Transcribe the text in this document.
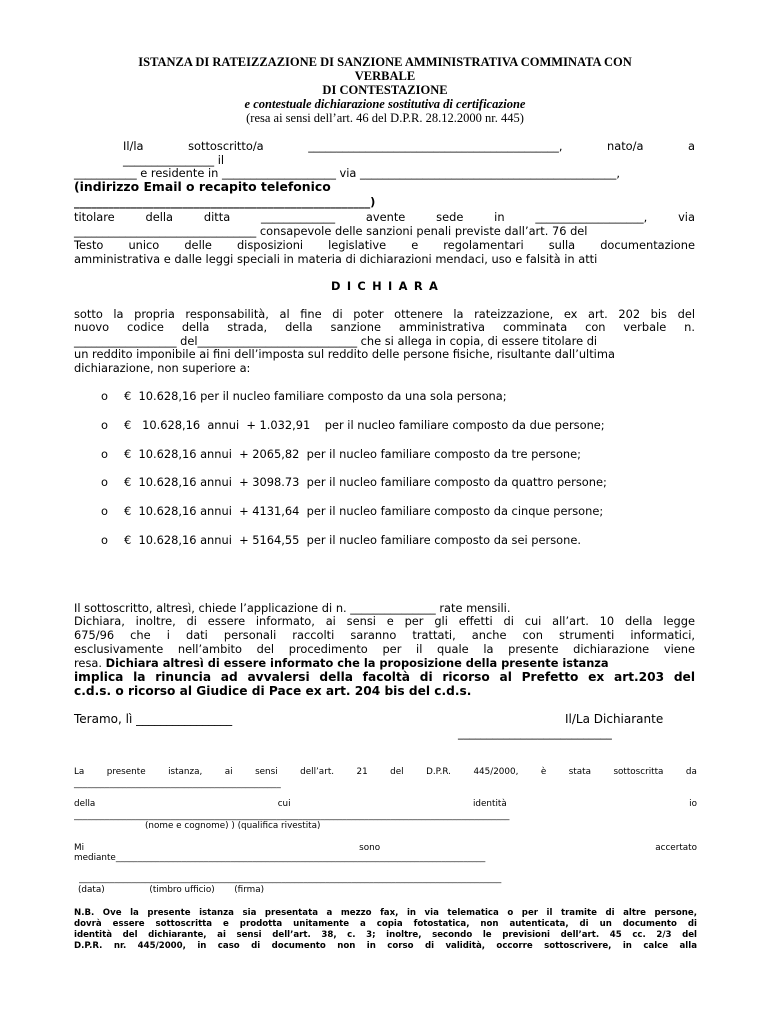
ISTANZA DI RATEIZZAZIONE DI SANZIONE AMMINISTRATIVA COMMINATA CON
VERBALE
DI CONTESTAZIONE
e contestuale dichiarazione sostitutiva di certificazione
(resa ai sensi dell’art. 46 del D.P.R. 28.12.2000 nr. 445)
Il/la	sottoscritto/a	____________________________________________,	nato/a	a
________________ il
___________ e residente in ____________________ via _____________________________________________,
(indirizzo Email o recapito telefonico
____________________________________________________)
titolare	della	ditta	_____________	avente	sede	in	___________________,	via
________________________________ consapevole delle sanzioni penali previste dall’art. 76 del
Testo unico delle disposizioni legislative e regolamentari sulla documentazione
amministrativa e dalle leggi speciali in materia di dichiarazioni mendaci, uso e falsità in atti
D I C H I A R A
sotto la propria responsabilità, al fine di poter ottenere la rateizzazione, ex art. 202 bis del
nuovo codice della strada, della sanzione amministrativa comminata con verbale n.
__________________ del____________________________ che si allega in copia, di essere titolare di
un reddito imponibile ai fini dell’imposta sul reddito delle persone fisiche, risultante dall’ultima
dichiarazione, non superiore a:
o €  10.628,16 per il nucleo familiare composto da una sola persona;
o €   10.628,16  annui  + 1.032,91    per il nucleo familiare composto da due persone;
o €  10.628,16 annui  + 2065,82  per il nucleo familiare composto da tre persone;
o €  10.628,16 annui  + 3098.73  per il nucleo familiare composto da quattro persone;
o €  10.628,16 annui  + 4131,64  per il nucleo familiare composto da cinque persone;
o €  10.628,16 annui  + 5164,55  per il nucleo familiare composto da sei persone.
Il sottoscritto, altresì, chiede l’applicazione di n. _______________ rate mensili.
Dichiara, inoltre, di essere informato, ai sensi e per gli effetti di cui all’art. 10 della legge
675/96 che i dati personali raccolti saranno trattati, anche con strumenti informatici,
esclusivamente nell’ambito del procedimento per il quale la presente dichiarazione viene
resa. Dichiara altresì di essere informato che la proposizione della presente istanza
implica la rinuncia ad avvalersi della facoltà di ricorso al Prefetto ex art.203 del
c.d.s. o ricorso al Giudice di Pace ex art. 204 bis del c.d.s.
Teramo, lì ________________	Il/La Dichiarante
___________________________
La	presente	istanza,	ai	sensi	dell’art.	21	del	D.P.R.	445/2000,	è	stata	sottoscritta	da
_______________________________________________
della	cui	identità	io
___________________________________________________________________________________________________
(nome e cognome) ) (qualifica rivestita)
Mi	sono	accertato
mediante____________________________________________________________________________________
________________________________________________________________________________________________
(data)                (timbro ufficio)       (firma)
N.B. Ove la presente istanza sia presentata a mezzo fax, in via telematica o per il tramite di altre persone,
dovrà essere sottoscritta e prodotta unitamente a copia fotostatica, non autenticata, di un documento di
identità del dichiarante, ai sensi dell’art. 38, c. 3; inoltre, secondo le previsioni dell’art. 45 cc. 2/3 del
D.P.R. nr. 445/2000, in caso di documento non in corso di validità, occorre sottoscrivere, in calce alla
